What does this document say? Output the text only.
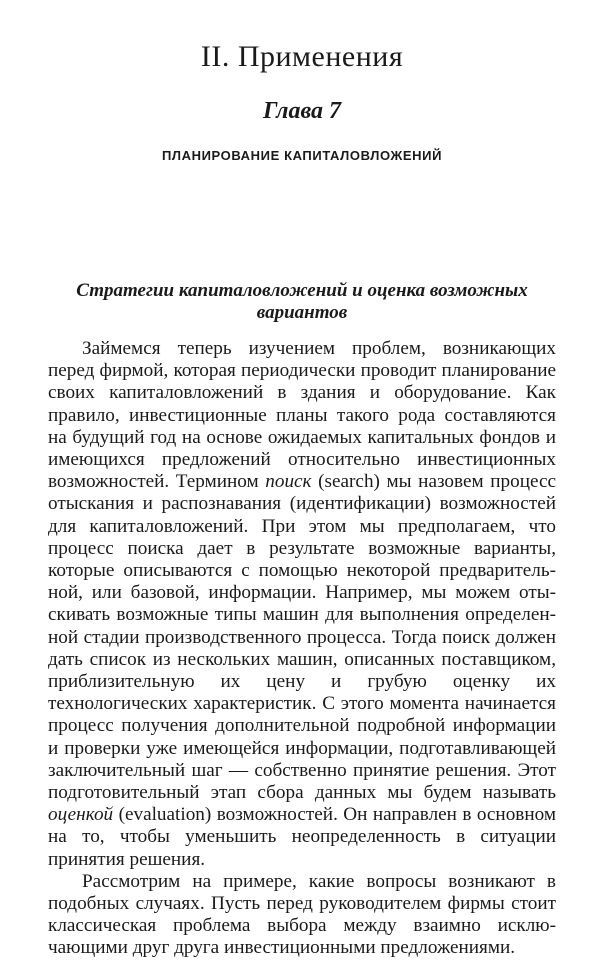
II. Применения
Глава 7
ПЛАНИРОВАНИЕ КАПИТАЛОВЛОЖЕНИЙ
Стратегии капиталовложений и оценка возможных вариантов

Займемся теперь изучением проблем, возникающих перед фирмой, которая периодически проводит планирование своих капиталовложений в здания и оборудование. Как правило, инвестиционные планы такого рода составляются на будущий год на основе ожидаемых капитальных фондов и имеющихся предложений относительно инвестиционных возможностей. Термином поиск (search) мы назовем процесс отыскания и распознавания (идентификации) возможностей для капиталовложений. При этом мы предполагаем, что процесс поиска дает в результате возможные варианты, которые описываются с помощью некоторой предварительной, или базовой, информации. Например, мы можем отыскивать возможные типы машин для выполнения определенной стадии производственного процесса. Тогда поиск должен дать список из нескольких машин, описанных поставщиком, приблизительную их цену и грубую оценку их технологических характеристик. С этого момента начинается процесс получения дополнительной подробной информации и проверки уже имеющейся информации, подготавливающей заключительный шаг — собственно принятие решения. Этот подготовительный этап сбора данных мы будем называть оценкой (evaluation) возможностей. Он направлен в основном на то, чтобы уменьшить неопределенность в ситуации принятия решения.

Рассмотрим на примере, какие вопросы возникают в подобных случаях. Пусть перед руководителем фирмы стоит классическая проблема выбора между взаимно исключающими друг друга инвестиционными предложениями.
